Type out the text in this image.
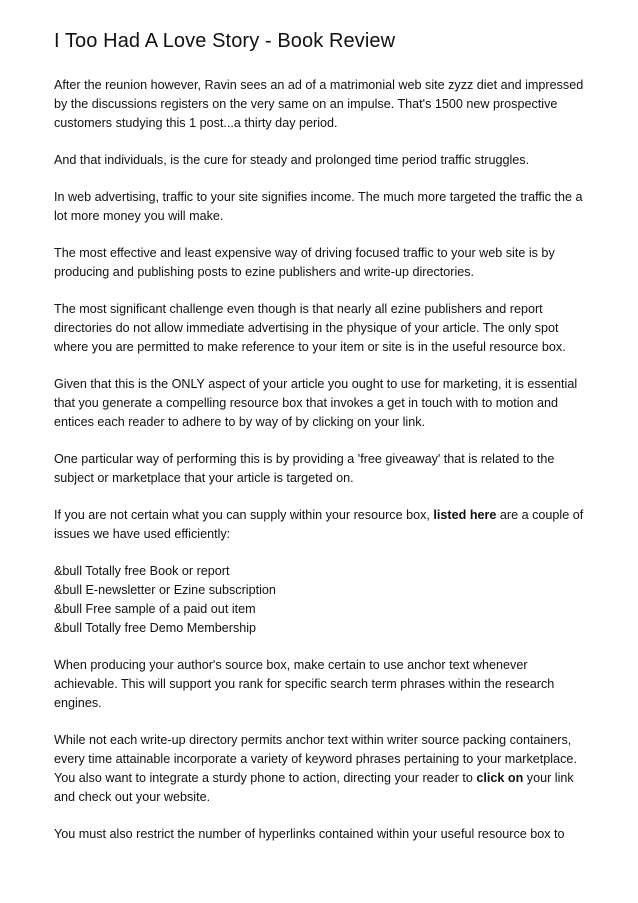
I Too Had A Love Story - Book Review

After the reunion however, Ravin sees an ad of a matrimonial web site zyzz diet and impressed by the discussions registers on the very same on an impulse. That's 1500 new prospective customers studying this 1 post...a thirty day period.

And that individuals, is the cure for steady and prolonged time period traffic struggles.

In web advertising, traffic to your site signifies income. The much more targeted the traffic the a lot more money you will make.

The most effective and least expensive way of driving focused traffic to your web site is by producing and publishing posts to ezine publishers and write-up directories.

The most significant challenge even though is that nearly all ezine publishers and report directories do not allow immediate advertising in the physique of your article. The only spot where you are permitted to make reference to your item or site is in the useful resource box.

Given that this is the ONLY aspect of your article you ought to use for marketing, it is essential that you generate a compelling resource box that invokes a get in touch with to motion and entices each reader to adhere to by way of by clicking on your link.

One particular way of performing this is by providing a 'free giveaway' that is related to the subject or marketplace that your article is targeted on.

If you are not certain what you can supply within your resource box, listed here are a couple of issues we have used efficiently:

&bull Totally free Book or report
&bull E-newsletter or Ezine subscription
&bull Free sample of a paid out item
&bull Totally free Demo Membership

When producing your author's source box, make certain to use anchor text whenever achievable. This will support you rank for specific search term phrases within the research engines.

While not each write-up directory permits anchor text within writer source packing containers, every time attainable incorporate a variety of keyword phrases pertaining to your marketplace. You also want to integrate a sturdy phone to action, directing your reader to click on your link and check out your website.

You must also restrict the number of hyperlinks contained within your useful resource box to
